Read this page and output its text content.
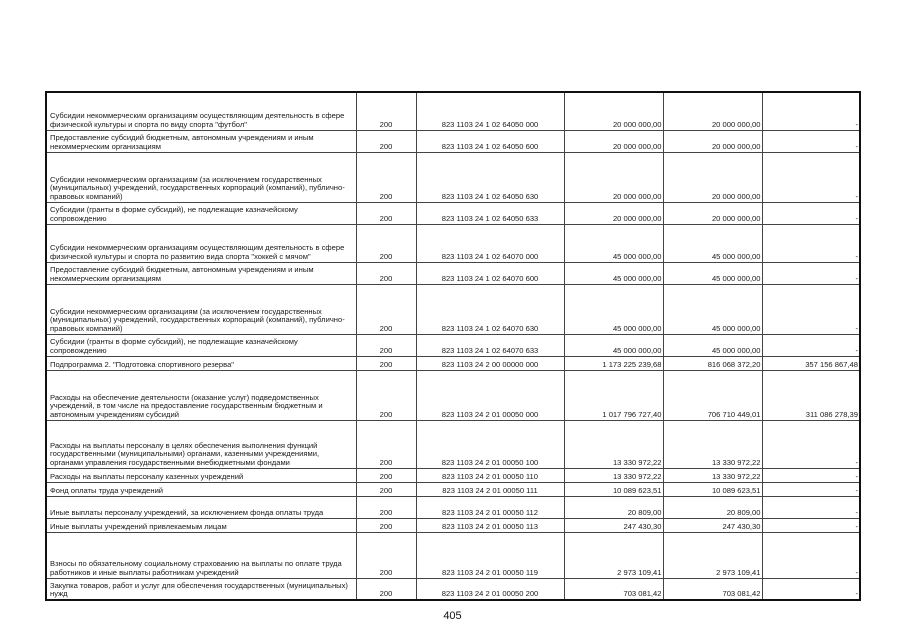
Субсидии некоммерческим организациям осуществляющим деятельность в сфере физической культуры и спорта по виду спорта "футбол"	200	823 1103 24 1 02 64050 000	20 000 000,00	20 000 000,00	-
Предоставление субсидий бюджетным, автономным учреждениям и иным некоммерческим организациям	200	823 1103 24 1 02 64050 600	20 000 000,00	20 000 000,00	-
Субсидии некоммерческим организациям (за исключением государственных (муниципальных) учреждений, государственных корпораций (компаний), публично-правовых компаний)	200	823 1103 24 1 02 64050 630	20 000 000,00	20 000 000,00	-
Субсидии (гранты в форме субсидий), не подлежащие казначейскому сопровождению	200	823 1103 24 1 02 64050 633	20 000 000,00	20 000 000,00	-
Субсидии некоммерческим организациям осуществляющим деятельность в сфере физической культуры и спорта по развитию вида спорта "хоккей с мячом"	200	823 1103 24 1 02 64070 000	45 000 000,00	45 000 000,00	-
Предоставление субсидий бюджетным, автономным учреждениям и иным некоммерческим организациям	200	823 1103 24 1 02 64070 600	45 000 000,00	45 000 000,00	-
Субсидии некоммерческим организациям (за исключением государственных (муниципальных) учреждений, государственных корпораций (компаний), публично-правовых компаний)	200	823 1103 24 1 02 64070 630	45 000 000,00	45 000 000,00	-
Субсидии (гранты в форме субсидий), не подлежащие казначейскому сопровождению	200	823 1103 24 1 02 64070 633	45 000 000,00	45 000 000,00	-
Подпрограмма 2. "Подготовка спортивного резерва"	200	823 1103 24 2 00 00000 000	1 173 225 239,68	816 068 372,20	357 156 867,48
Расходы на обеспечение деятельности (оказание услуг) подведомственных учреждений, в том числе на предоставление государственным бюджетным и автономным учреждениям субсидий	200	823 1103 24 2 01 00050 000	1 017 796 727,40	706 710 449,01	311 086 278,39
Расходы на выплаты персоналу в целях обеспечения выполнения функций государственными (муниципальными) органами, казенными учреждениями, органами управления государственными внебюджетными фондами	200	823 1103 24 2 01 00050 100	13 330 972,22	13 330 972,22	-
Расходы на выплаты персоналу казенных учреждений	200	823 1103 24 2 01 00050 110	13 330 972,22	13 330 972,22	-
Фонд оплаты труда учреждений	200	823 1103 24 2 01 00050 111	10 089 623,51	10 089 623,51	-
Иные выплаты персоналу учреждений, за исключением фонда оплаты труда	200	823 1103 24 2 01 00050 112	20 809,00	20 809,00	-
Иные выплаты учреждений привлекаемым лицам	200	823 1103 24 2 01 00050 113	247 430,30	247 430,30	-
Взносы по обязательному социальному страхованию на выплаты по оплате труда работников и иные выплаты работникам учреждений	200	823 1103 24 2 01 00050 119	2 973 109,41	2 973 109,41	-
Закупка товаров, работ и услуг для обеспечения государственных (муниципальных) нужд	200	823 1103 24 2 01 00050 200	703 081,42	703 081,42	-
405
